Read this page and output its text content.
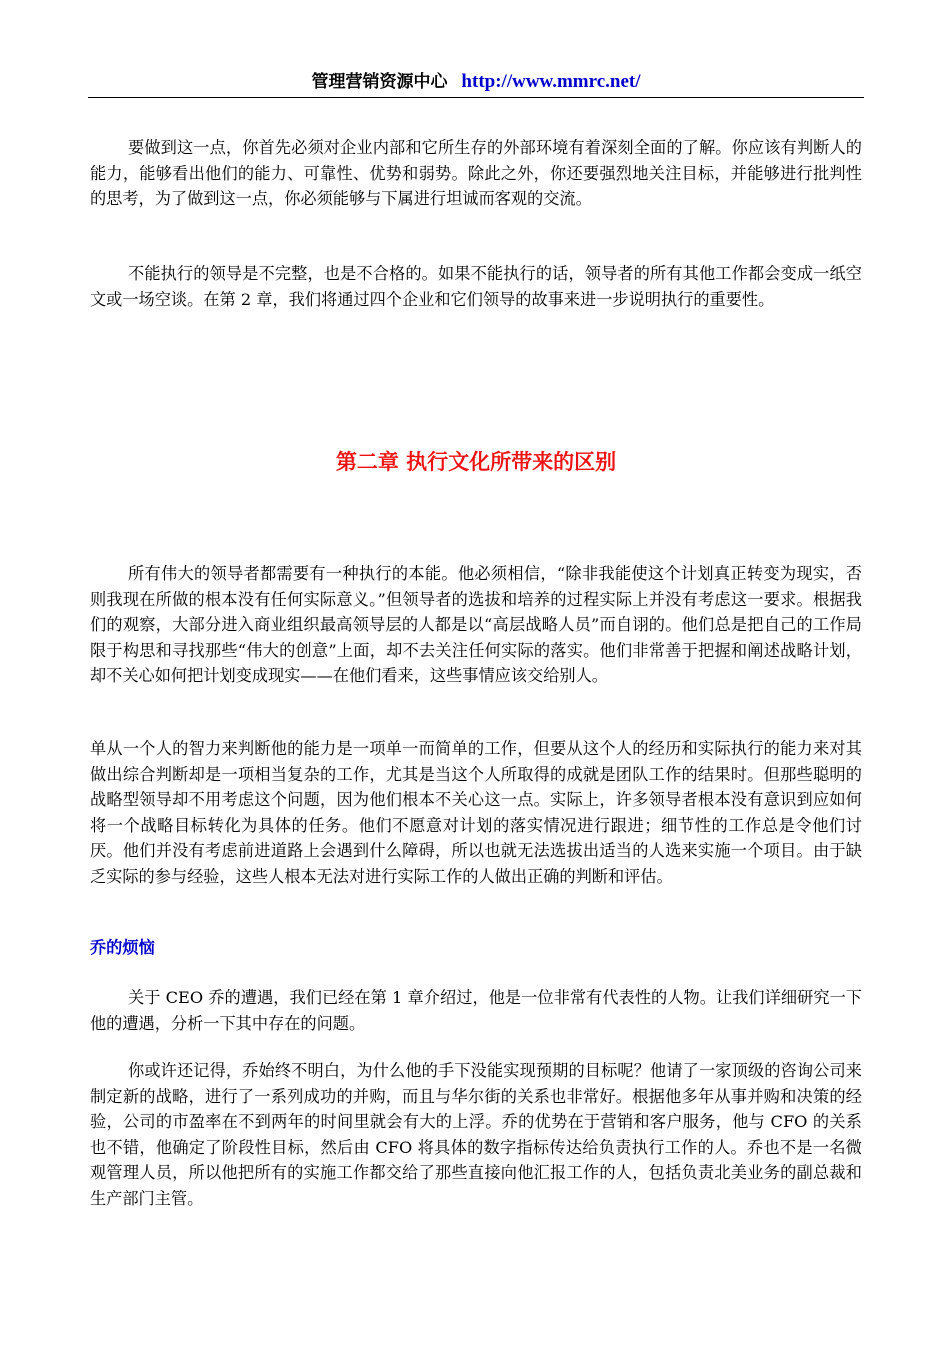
管理营销资源中心 http://www.mmrc.net/

要做到这一点，你首先必须对企业内部和它所生存的外部环境有着深刻全面的了解。你应该有判断人的能力，能够看出他们的能力、可靠性、优势和弱势。除此之外，你还要强烈地关注目标，并能够进行批判性的思考，为了做到这一点，你必须能够与下属进行坦诚而客观的交流。

不能执行的领导是不完整，也是不合格的。如果不能执行的话，领导者的所有其他工作都会变成一纸空文或一场空谈。在第 2 章，我们将通过四个企业和它们领导的故事来进一步说明执行的重要性。

第二章 执行文化所带来的区别

所有伟大的领导者都需要有一种执行的本能。他必须相信，“除非我能使这个计划真正转变为现实，否则我现在所做的根本没有任何实际意义。”但领导者的选拔和培养的过程实际上并没有考虑这一要求。根据我们的观察，大部分进入商业组织最高领导层的人都是以“高层战略人员”而自诩的。他们总是把自己的工作局限于构思和寻找那些“伟大的创意”上面，却不去关注任何实际的落实。他们非常善于把握和阐述战略计划，却不关心如何把计划变成现实——在他们看来，这些事情应该交给别人。

单从一个人的智力来判断他的能力是一项单一而简单的工作，但要从这个人的经历和实际执行的能力来对其做出综合判断却是一项相当复杂的工作，尤其是当这个人所取得的成就是团队工作的结果时。但那些聪明的战略型领导却不用考虑这个问题，因为他们根本不关心这一点。实际上，许多领导者根本没有意识到应如何将一个战略目标转化为具体的任务。他们不愿意对计划的落实情况进行跟进；细节性的工作总是令他们讨厌。他们并没有考虑前进道路上会遇到什么障碍，所以也就无法选拔出适当的人选来实施一个项目。由于缺乏实际的参与经验，这些人根本无法对进行实际工作的人做出正确的判断和评估。

乔的烦恼

关于 CEO 乔的遭遇，我们已经在第 1 章介绍过，他是一位非常有代表性的人物。让我们详细研究一下他的遭遇，分析一下其中存在的问题。

你或许还记得，乔始终不明白，为什么他的手下没能实现预期的目标呢？他请了一家顶级的咨询公司来制定新的战略，进行了一系列成功的并购，而且与华尔街的关系也非常好。根据他多年从事并购和决策的经验，公司的市盈率在不到两年的时间里就会有大的上浮。乔的优势在于营销和客户服务，他与 CFO 的关系也不错，他确定了阶段性目标，然后由 CFO 将具体的数字指标传达给负责执行工作的人。乔也不是一名微观管理人员，所以他把所有的实施工作都交给了那些直接向他汇报工作的人，包括负责北美业务的副总裁和生产部门主管。
